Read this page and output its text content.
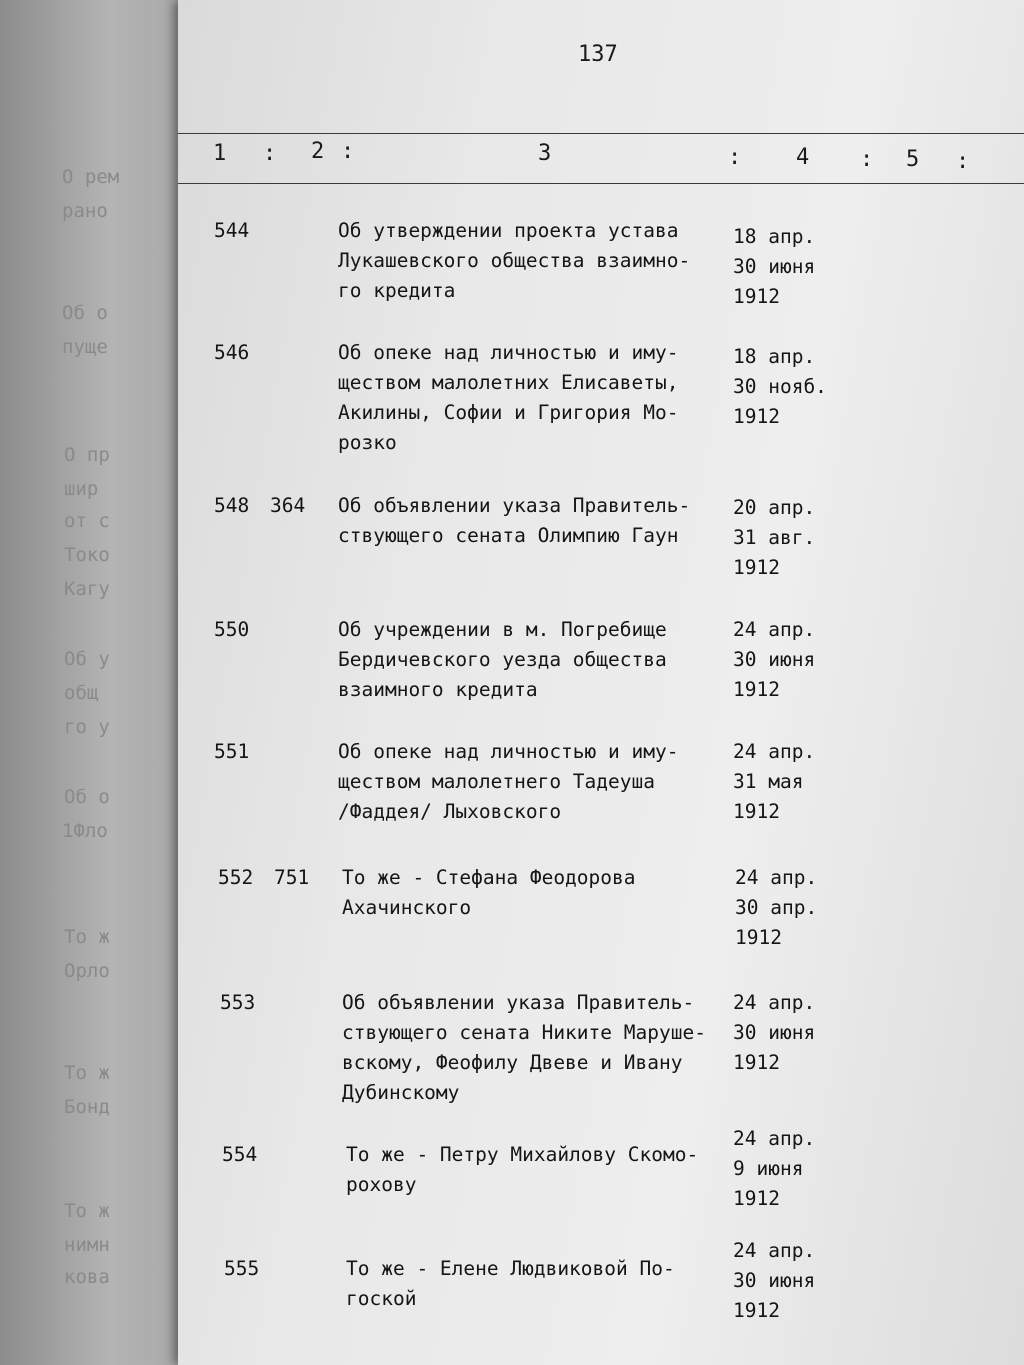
О рем
рано
Об о
пуще
О пр
шир
от с
Токо
Кагу
Об у
общ
го у
Об о
1Фло
То ж
Орло
То ж
Бонд
То ж
нимн
кова
137
1 : 2 :	3	: 4 : 5 :
544	Об утверждении проекта устава
Лукашевского общества взаимно-
го кредита
18 апр.
30 июня
1912
546	Об опеке над личностью и иму-
ществом малолетних Елисаветы,
Акилины, Софии и Григория Мо-
розко
18 апр.
30 нояб.
1912
548 364 Об объявлении указа Правитель-
ствующего сената Олимпию Гаун
20 апр.
31 авг.
1912
550	Об учреждении в м. Погребище
Бердичевского уезда общества
взаимного кредита
24 апр.
30 июня
1912
551	Об опеке над личностью и иму-
ществом малолетнего Тадеуша
/Фаддея/ Лыховского
24 апр.
31 мая
1912
552 751 То же - Стефана Феодорова
Ахачинского
24 апр.
30 апр.
1912
553	Об объявлении указа Правитель-
ствующего сената Никите Маруше-
вскому, Феофилу Двеве и Ивану
Дубинскому
24 апр.
30 июня
1912
554	То же - Петру Михайлову Скомо-
рохову
24 апр.
9 июня
1912
555	То же - Елене Людвиковой По-
гоской
24 апр.
30 июня
1912
